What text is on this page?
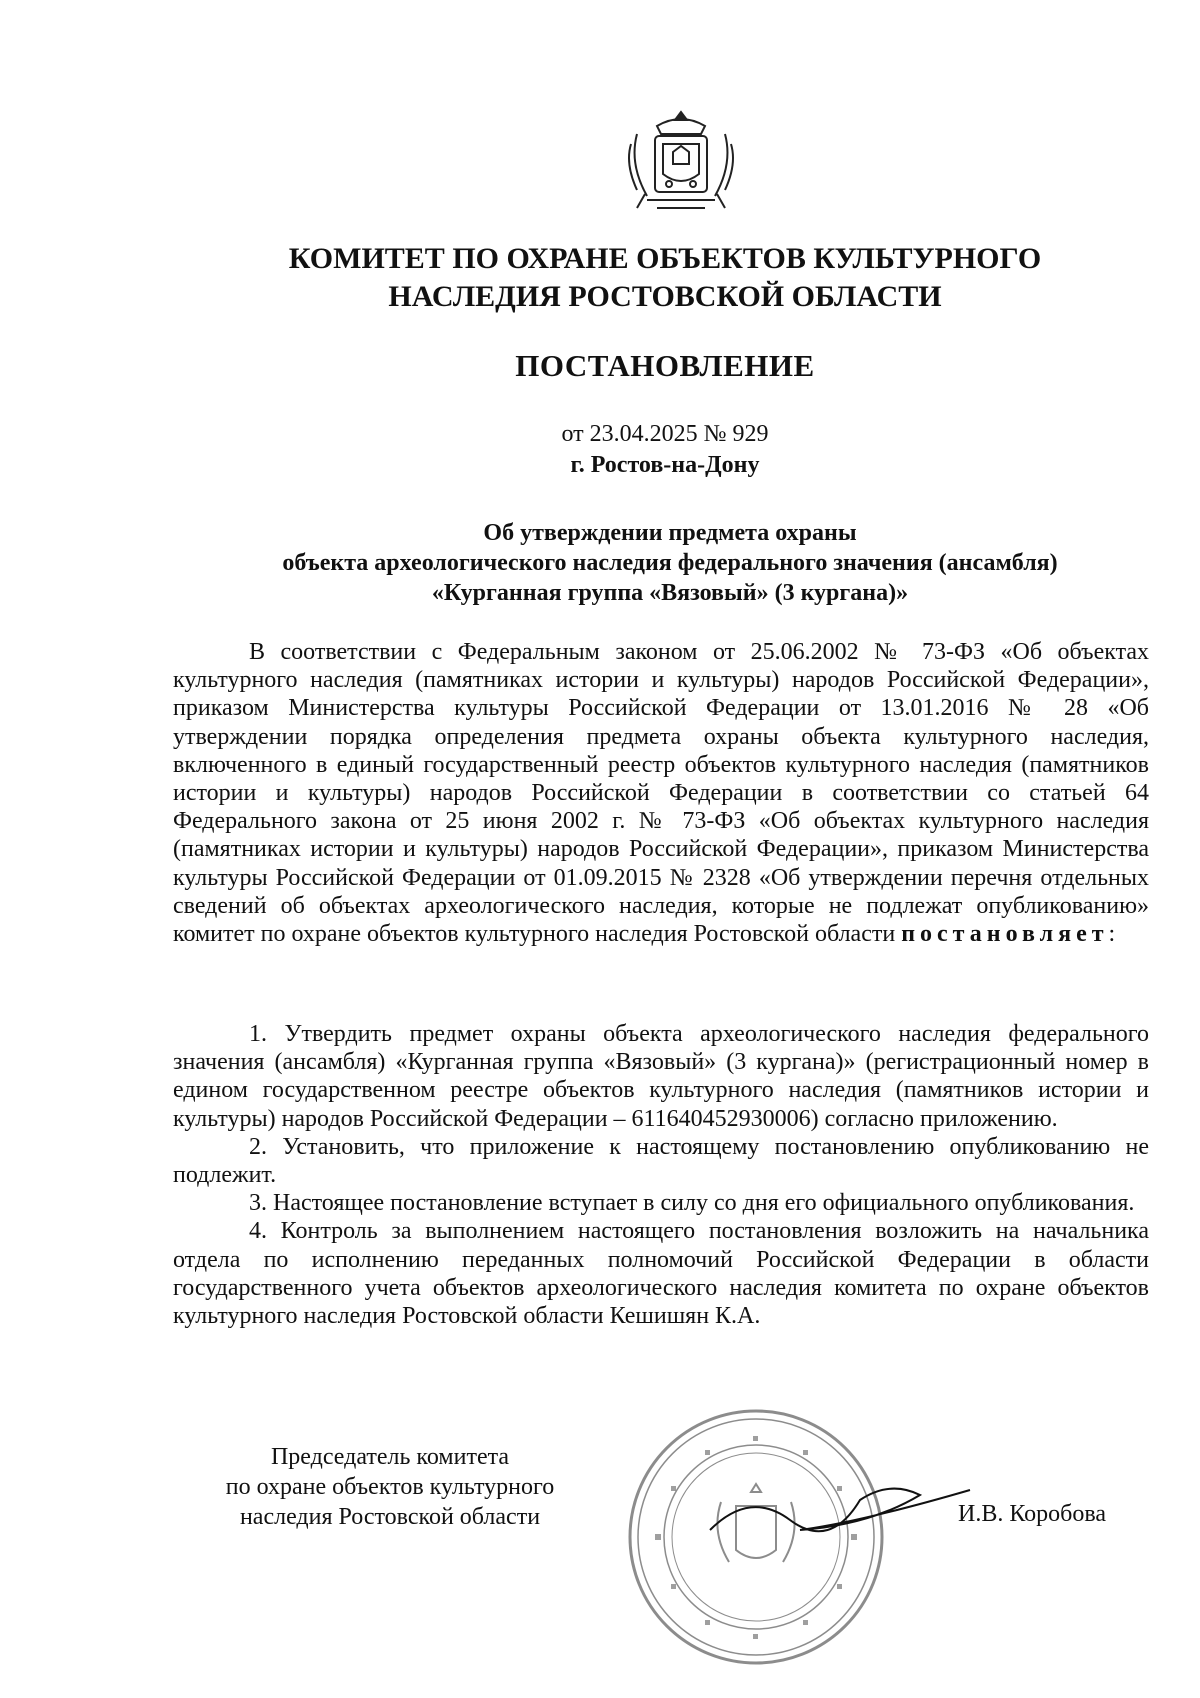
КОМИТЕТ ПО ОХРАНЕ ОБЪЕКТОВ КУЛЬТУРНОГО
НАСЛЕДИЯ РОСТОВСКОЙ ОБЛАСТИ
ПОСТАНОВЛЕНИЕ
от 23.04.2025 № 929
г. Ростов-на-Дону
Об утверждении предмета охраны
объекта археологического наследия федерального значения (ансамбля)
«Курганная группа «Вязовый» (3 кургана)»

В соответствии с Федеральным законом от 25.06.2002 № 73-ФЗ «Об объектах культурного наследия (памятниках истории и культуры) народов Российской Федерации», приказом Министерства культуры Российской Федерации от 13.01.2016 № 28 «Об утверждении порядка определения предмета охраны объекта культурного наследия, включенного в единый государственный реестр объектов культурного наследия (памятников истории и культуры) народов Российской Федерации в соответствии со статьей 64 Федерального закона от 25 июня 2002 г. № 73-ФЗ «Об объектах культурного наследия (памятниках истории и культуры) народов Российской Федерации», приказом Министерства культуры Российской Федерации от 01.09.2015 № 2328 «Об утверждении перечня отдельных сведений об объектах археологического наследия, которые не подлежат опубликованию» комитет по охране объектов культурного наследия Ростовской области постановляет:

1. Утвердить предмет охраны объекта археологического наследия федерального значения (ансамбля) «Курганная группа «Вязовый» (3 кургана)» (регистрационный номер в едином государственном реестре объектов культурного наследия (памятников истории и культуры) народов Российской Федерации – 611640452930006) согласно приложению.

2. Установить, что приложение к настоящему постановлению опубликованию не подлежит.

3. Настоящее постановление вступает в силу со дня его официального опубликования.

4. Контроль за выполнением настоящего постановления возложить на начальника отдела по исполнению переданных полномочий Российской Федерации в области государственного учета объектов археологического наследия комитета по охране объектов культурного наследия Ростовской области Кешишян К.А.

Председатель комитета
по охране объектов культурного
наследия Ростовской области	И.В. Коробова
